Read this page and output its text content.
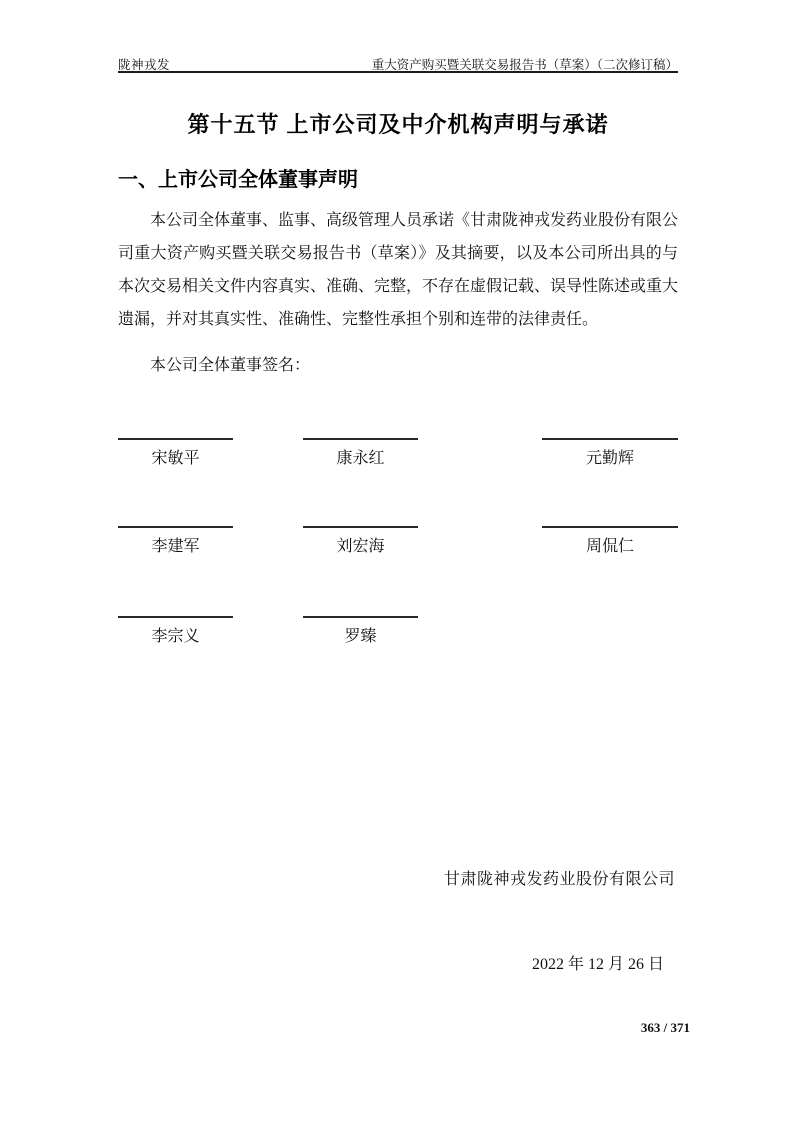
陇神戎发	重大资产购买暨关联交易报告书（草案）（二次修订稿）
第十五节 上市公司及中介机构声明与承诺
一、上市公司全体董事声明

本公司全体董事、监事、高级管理人员承诺《甘肃陇神戎发药业股份有限公司重大资产购买暨关联交易报告书（草案）》及其摘要，以及本公司所出具的与本次交易相关文件内容真实、准确、完整，不存在虚假记载、误导性陈述或重大遗漏，并对其真实性、准确性、完整性承担个别和连带的法律责任。

本公司全体董事签名：

宋敏平	康永红	元勤辉
李建军	刘宏海	周侃仁
李宗义	罗臻
甘肃陇神戎发药业股份有限公司
2022 年 12 月 26 日
363 / 371
